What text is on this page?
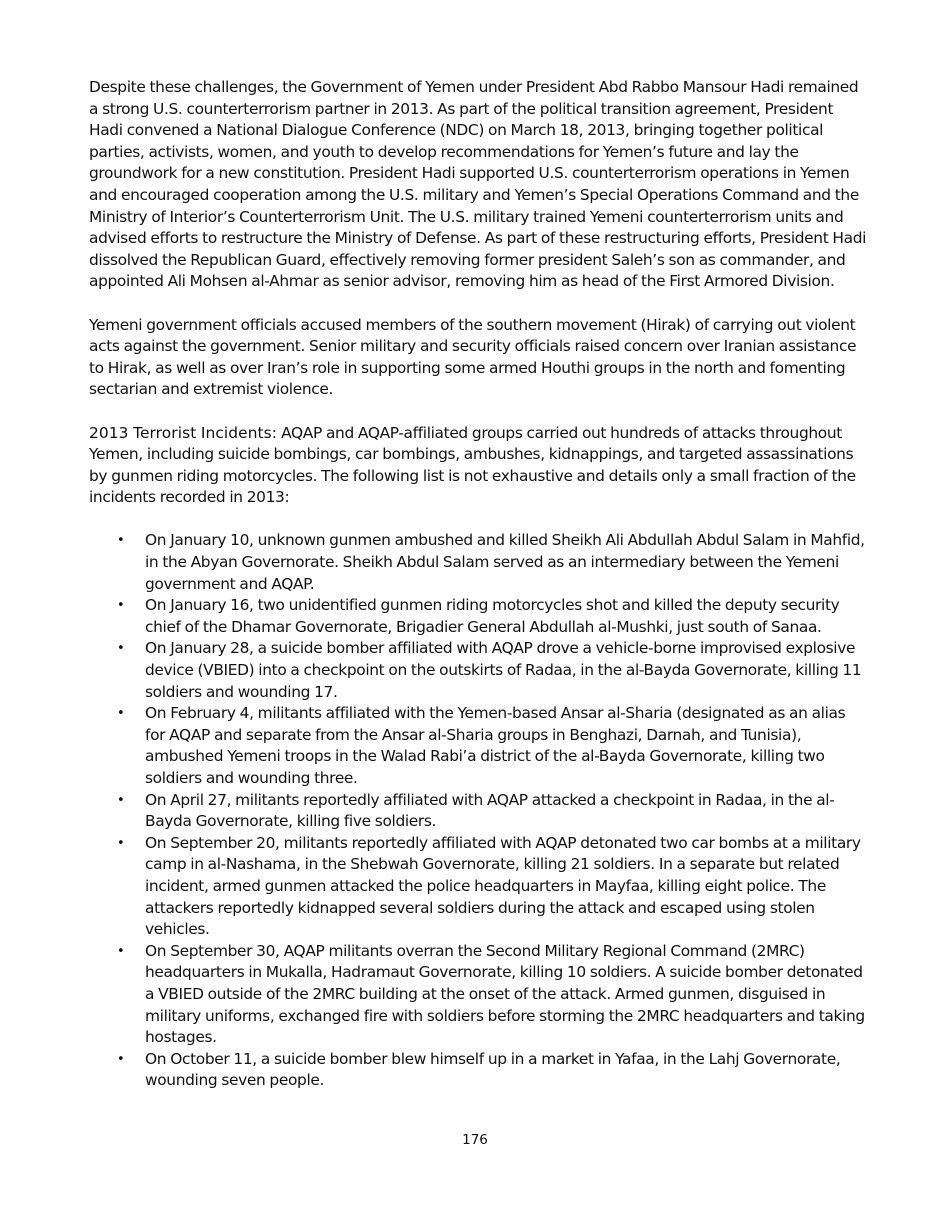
Despite these challenges, the Government of Yemen under President Abd Rabbo Mansour Hadi remained a strong U.S. counterterrorism partner in 2013. As part of the political transition agreement, President Hadi convened a National Dialogue Conference (NDC) on March 18, 2013, bringing together political parties, activists, women, and youth to develop recommendations for Yemen’s future and lay the groundwork for a new constitution. President Hadi supported U.S. counterterrorism operations in Yemen and encouraged cooperation among the U.S. military and Yemen’s Special Operations Command and the Ministry of Interior’s Counterterrorism Unit. The U.S. military trained Yemeni counterterrorism units and advised efforts to restructure the Ministry of Defense. As part of these restructuring efforts, President Hadi dissolved the Republican Guard, effectively removing former president Saleh’s son as commander, and appointed Ali Mohsen al-Ahmar as senior advisor, removing him as head of the First Armored Division.

Yemeni government officials accused members of the southern movement (Hirak) of carrying out violent acts against the government. Senior military and security officials raised concern over Iranian assistance to Hirak, as well as over Iran’s role in supporting some armed Houthi groups in the north and fomenting sectarian and extremist violence.

2013 Terrorist Incidents: AQAP and AQAP-affiliated groups carried out hundreds of attacks throughout Yemen, including suicide bombings, car bombings, ambushes, kidnappings, and targeted assassinations by gunmen riding motorcycles. The following list is not exhaustive and details only a small fraction of the incidents recorded in 2013:

• On January 10, unknown gunmen ambushed and killed Sheikh Ali Abdullah Abdul Salam in Mahfid, in the Abyan Governorate. Sheikh Abdul Salam served as an intermediary between the Yemeni government and AQAP.
• On January 16, two unidentified gunmen riding motorcycles shot and killed the deputy security chief of the Dhamar Governorate, Brigadier General Abdullah al-Mushki, just south of Sanaa.
• On January 28, a suicide bomber affiliated with AQAP drove a vehicle-borne improvised explosive device (VBIED) into a checkpoint on the outskirts of Radaa, in the al-Bayda Governorate, killing 11 soldiers and wounding 17.
• On February 4, militants affiliated with the Yemen-based Ansar al-Sharia (designated as an alias for AQAP and separate from the Ansar al-Sharia groups in Benghazi, Darnah, and Tunisia), ambushed Yemeni troops in the Walad Rabi’a district of the al-Bayda Governorate, killing two soldiers and wounding three.
• On April 27, militants reportedly affiliated with AQAP attacked a checkpoint in Radaa, in the al-Bayda Governorate, killing five soldiers.
• On September 20, militants reportedly affiliated with AQAP detonated two car bombs at a military camp in al-Nashama, in the Shebwah Governorate, killing 21 soldiers. In a separate but related incident, armed gunmen attacked the police headquarters in Mayfaa, killing eight police. The attackers reportedly kidnapped several soldiers during the attack and escaped using stolen vehicles.
• On September 30, AQAP militants overran the Second Military Regional Command (2MRC) headquarters in Mukalla, Hadramaut Governorate, killing 10 soldiers. A suicide bomber detonated a VBIED outside of the 2MRC building at the onset of the attack. Armed gunmen, disguised in military uniforms, exchanged fire with soldiers before storming the 2MRC headquarters and taking hostages.
• On October 11, a suicide bomber blew himself up in a market in Yafaa, in the Lahj Governorate, wounding seven people.
176
